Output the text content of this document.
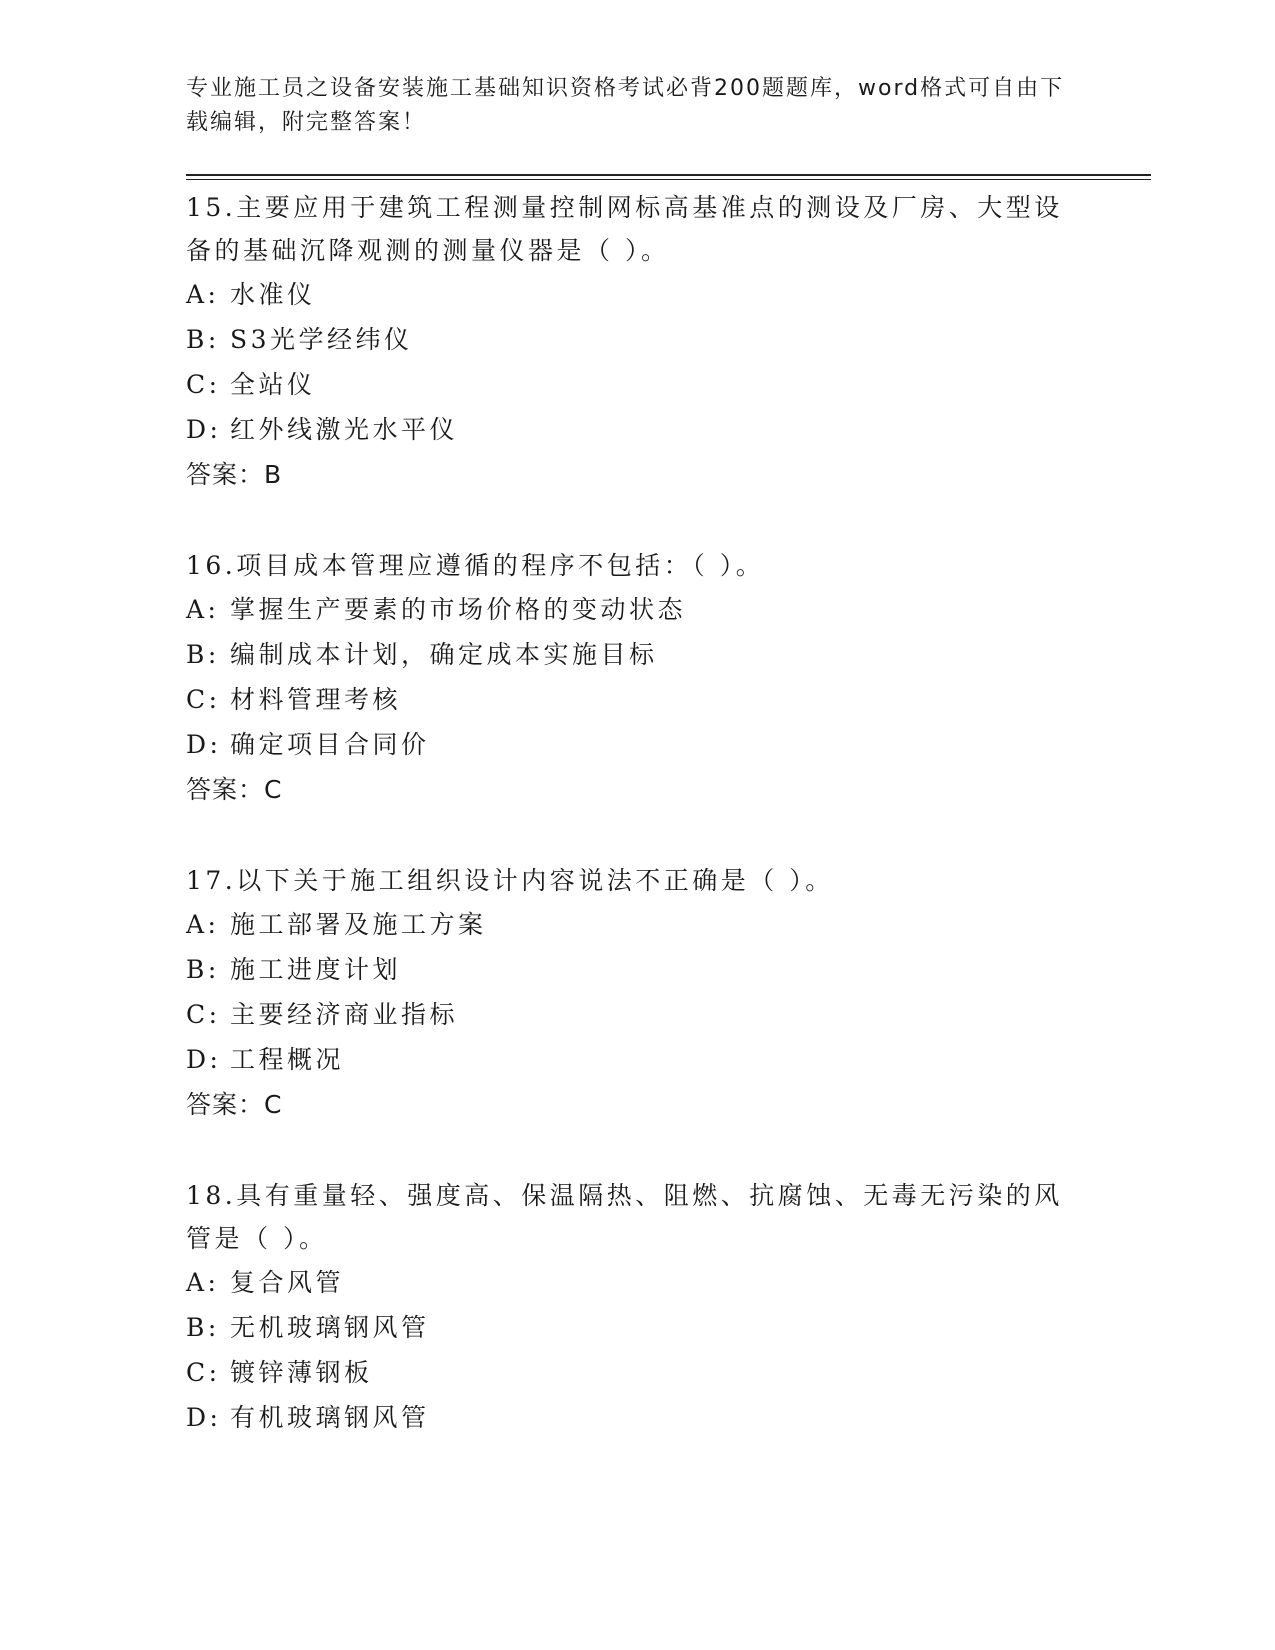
专业施工员之设备安装施工基础知识资格考试必背200题题库，word格式可自由下载编辑，附完整答案！

15.主要应用于建筑工程测量控制网标高基准点的测设及厂房、大型设备的基础沉降观测的测量仪器是（ ）。

A: 水准仪

B: S3光学经纬仪

C: 全站仪

D: 红外线激光水平仪

答案：B

16.项目成本管理应遵循的程序不包括：（ ）。

A: 掌握生产要素的市场价格的变动状态

B: 编制成本计划，确定成本实施目标

C: 材料管理考核

D: 确定项目合同价

答案：C

17.以下关于施工组织设计内容说法不正确是（ ）。

A: 施工部署及施工方案

B: 施工进度计划

C: 主要经济商业指标

D: 工程概况

答案：C

18.具有重量轻、强度高、保温隔热、阻燃、抗腐蚀、无毒无污染的风管是（ ）。

A: 复合风管

B: 无机玻璃钢风管

C: 镀锌薄钢板

D: 有机玻璃钢风管
